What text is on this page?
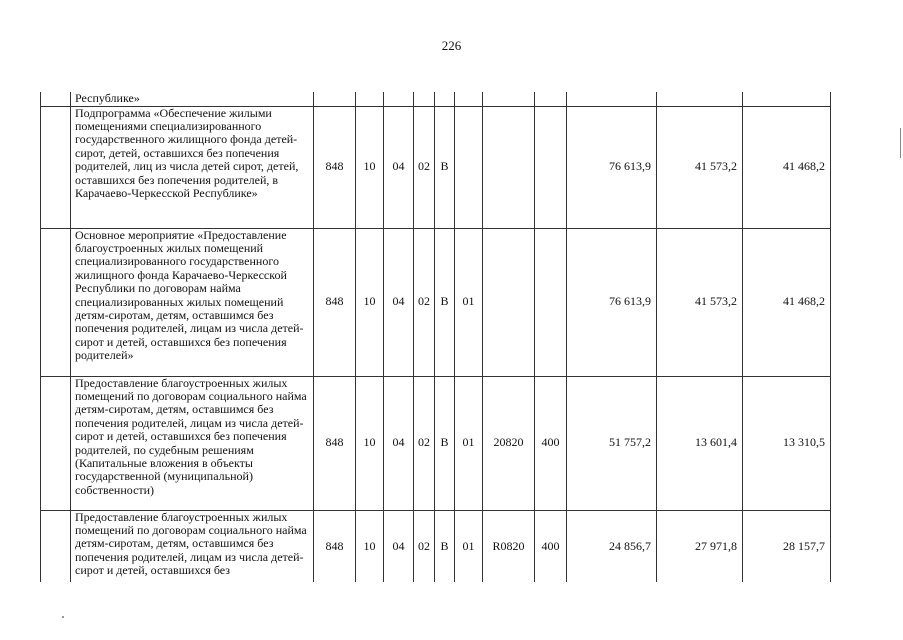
226
	Республике»											
	Подпрограмма «Обеспечение жилыми помещениями специализированного государственного жилищного фонда детей-сирот, детей, оставшихся без попечения родителей, лиц из числа детей сирот, детей, оставшихся без попечения родителей, в Карачаево-Черкесской Республике»	848	10	04	02	В				76 613,9	41 573,2	41 468,2
	Основное мероприятие «Предоставление благоустроенных жилых помещений специализированного государственного жилищного фонда Карачаево-Черкесской Республики по договорам найма специализированных жилых помещений детям-сиротам, детям, оставшимся без попечения родителей, лицам из числа детей-сирот и детей, оставшихся без попечения родителей»	848	10	04	02	В	01			76 613,9	41 573,2	41 468,2
	Предоставление благоустроенных жилых помещений по договорам социального найма детям-сиротам, детям, оставшимся без попечения родителей, лицам из числа детей-сирот и детей, оставшихся без попечения родителей, по судебным решениям (Капитальные вложения в объекты государственной (муниципальной) собственности)	848	10	04	02	В	01	20820	400	51 757,2	13 601,4	13 310,5
	Предоставление благоустроенных жилых помещений по договорам социального найма детям-сиротам, детям, оставшимся без попечения родителей, лицам из числа детей-сирот и детей, оставшихся без	848	10	04	02	В	01	R0820	400	24 856,7	27 971,8	28 157,7
